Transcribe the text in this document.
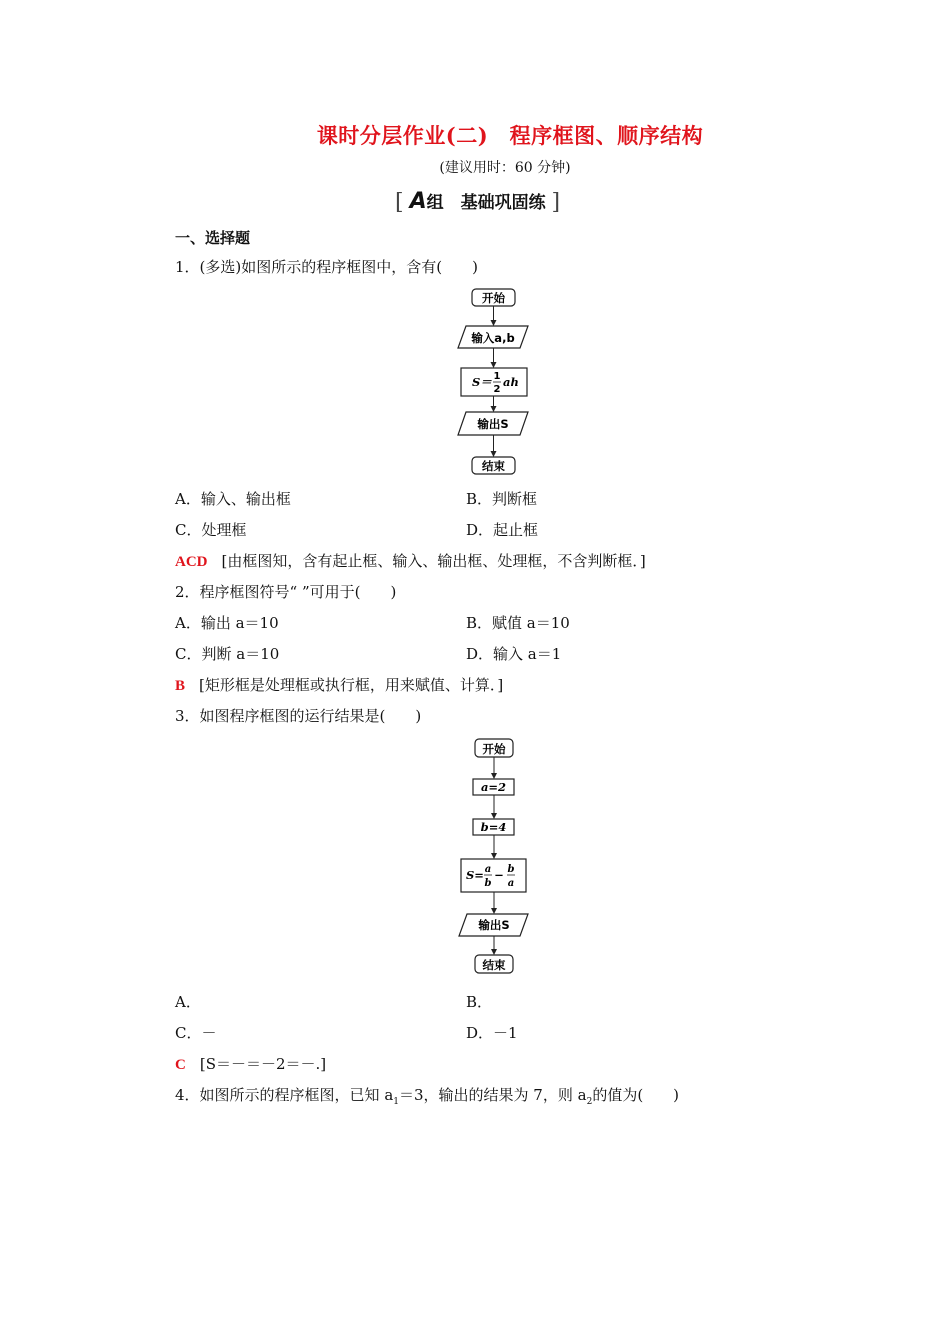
课时分层作业(二)　程序框图、顺序结构
(建议用时：60 分钟)
[ A组　基础巩固练 ]
一、选择题
1．(多选)如图所示的程序框图中，含有(　　)
开始
输入a,b
S＝ 1
2
ah
输出S
结束
A．输入、输出框	B．判断框
C．处理框	D．起止框
ACD [由框图知，含有起止框、输入、输出框、处理框，不含判断框．]
2．程序框图符号“ ”可用于(　　)
A．输出 a＝10	B．赋值 a＝10
C．判断 a＝10	D．输入 a＝1
B [矩形框是处理框或执行框，用来赋值、计算．]
3．如图程序框图的运行结果是(　　)
开始
a=2
b=4
S= a
b
− b
a
输出S
结束
A．	B．
C．－	D．－1
C [S＝－＝－2＝－.]
4．如图所示的程序框图，已知 $a_1=3$，输出的结果为 7，则 $a_2$的值为(　　)
